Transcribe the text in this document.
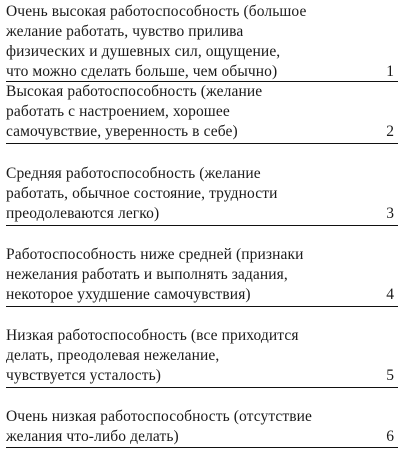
Очень высокая работоспособность (большое
желание работать, чувство прилива
физических и душевных сил, ощущение,
что можно сделать больше, чем обычно)	1
Высокая работоспособность (желание
работать с настроением, хорошее
самочувствие, уверенность в себе)	2
Средняя работоспособность (желание
работать, обычное состояние, трудности
преодолеваются легко)	3
Работоспособность ниже средней (признаки
нежелания работать и выполнять задания,
некоторое ухудшение самочувствия)	4
Низкая работоспособность (все приходится
делать, преодолевая нежелание,
чувствуется усталость)	5
Очень низкая работоспособность (отсутствие
желания что-либо делать)	6
